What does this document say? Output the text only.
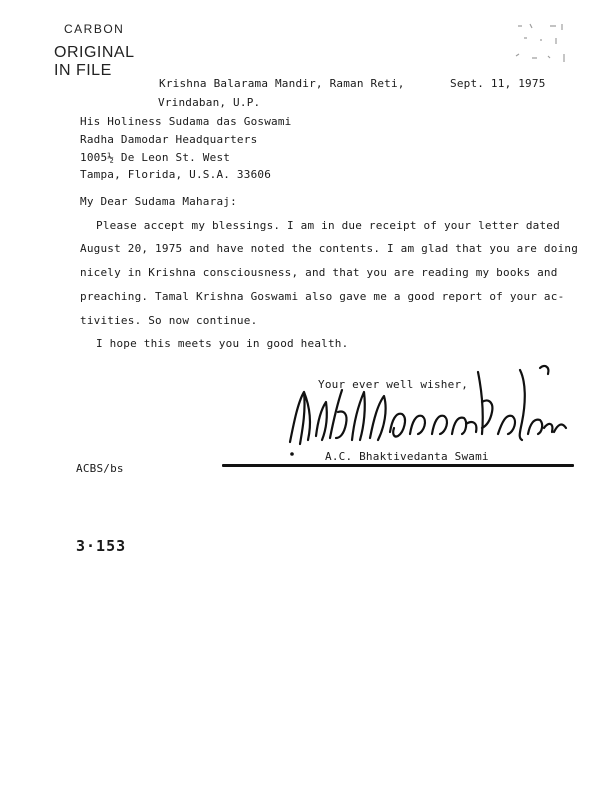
CARBON
ORIGINAL
IN FILE
Krishna Balarama Mandir, Raman Reti,
Vrindaban, U.P.
Sept. 11, 1975
His Holiness Sudama das Goswami
Radha Damodar Headquarters
1005½ De Leon St. West
Tampa, Florida, U.S.A. 33606
My Dear Sudama Maharaj:
Please accept my blessings. I am in due receipt of your letter dated
August 20, 1975 and have noted the contents. I am glad that you are doing
nicely in Krishna consciousness, and that you are reading my books and
preaching. Tamal Krishna Goswami also gave me a good report of your ac-
tivities. So now continue.
I hope this meets you in good health.
Your ever well wisher,
A.C. Bhaktivedanta Swami
ACBS/bs
3·153
